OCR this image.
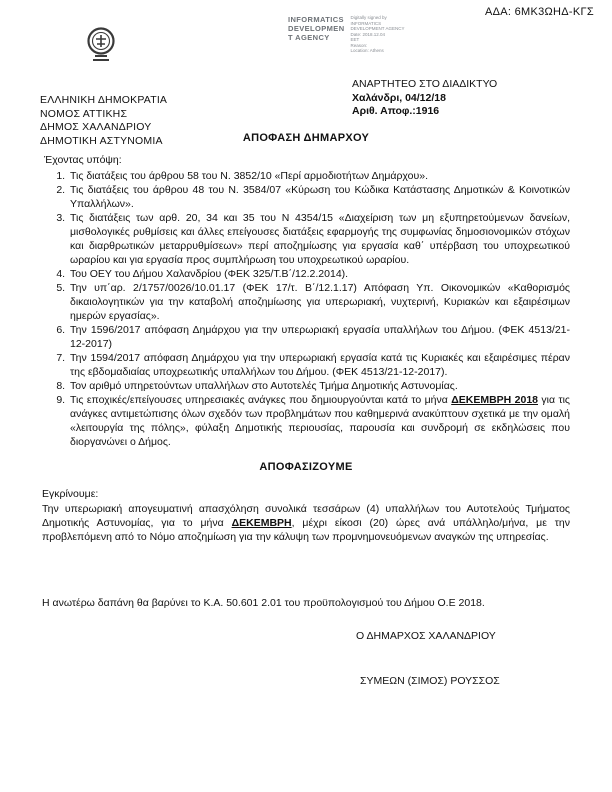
ΑΔΑ: 6ΜΚ3ΩΗΔ-ΚΓΣ
INFORMATICS
DEVELOPMEN
T AGENCY
Digitally signed by
INFORMATICS
DEVELOPMENT AGENCY
Date: 2018.12.04
EET
Reason:
Location: Athens
ΕΛΛΗΝΙΚΗ ΔΗΜΟΚΡΑΤΙΑ
ΝΟΜΟΣ ΑΤΤΙΚΗΣ
ΔΗΜΟΣ ΧΑΛΑΝΔΡΙΟΥ
ΔΗΜΟΤΙΚΗ ΑΣΤΥΝΟΜΙΑ
ΑΝΑΡΤΗΤΕΟ ΣΤΟ ΔΙΑΔΙΚΤΥΟ
Χαλάνδρι, 04/12/18
Αριθ. Αποφ.:1916
ΑΠΟΦΑΣΗ ΔΗΜΑΡΧΟΥ
Έχοντας υπόψη:
1. Τις διατάξεις του άρθρου 58 του Ν. 3852/10 «Περί αρμοδιοτήτων Δημάρχου».
2. Τις διατάξεις του άρθρου 48 του Ν. 3584/07 «Κύρωση του Κώδικα Κατάστασης Δημοτικών & Κοινοτικών Υπαλλήλων».
3. Τις διατάξεις των αρθ. 20, 34 και 35 του Ν 4354/15 «Διαχείριση των μη εξυπηρετούμενων δανείων, μισθολογικές ρυθμίσεις και άλλες επείγουσες διατάξεις εφαρμογής της συμφωνίας δημοσιονομικών στόχων και διαρθρωτικών μεταρρυθμίσεων» περί αποζημίωσης για εργασία καθ΄ υπέρβαση του υποχρεωτικού ωραρίου και για εργασία προς συμπλήρωση του υποχρεωτικού ωραρίου.
4. Του ΟΕΥ του Δήμου Χαλανδρίου (ΦΕΚ 325/Τ.Β΄/12.2.2014).
5. Την υπ΄αρ. 2/1757/0026/10.01.17 (ΦΕΚ 17/τ. Β΄/12.1.17) Απόφαση Υπ. Οικονομικών «Καθορισμός δικαιολογητικών για την καταβολή αποζημίωσης για υπερωριακή, νυχτερινή, Κυριακών και εξαιρέσιμων ημερών εργασίας».
6. Την 1596/2017 απόφαση Δημάρχου για την υπερωριακή εργασία υπαλλήλων του Δήμου. (ΦΕΚ 4513/21-12-2017)
7. Την 1594/2017 απόφαση Δημάρχου για την υπερωριακή εργασία κατά τις Κυριακές και εξαιρέσιμες πέραν της εβδομαδιαίας υποχρεωτικής υπαλλήλων του Δήμου. (ΦΕΚ 4513/21-12-2017).
8. Τον αριθμό υπηρετούντων υπαλλήλων στο Αυτοτελές Τμήμα Δημοτικής Αστυνομίας.
9. Τις εποχικές/επείγουσες υπηρεσιακές ανάγκες που δημιουργούνται κατά το μήνα ΔΕΚΕΜΒΡΗ 2018 για τις ανάγκες αντιμετώπισης όλων σχεδόν των προβλημάτων που καθημερινά ανακύπτουν σχετικά με την ομαλή «λειτουργία της πόλης», φύλαξη Δημοτικής περιουσίας, παρουσία και συνδρομή σε εκδηλώσεις που διοργανώνει ο Δήμος.
ΑΠΟΦΑΣΙΖΟΥΜΕ
Εγκρίνουμε:

Την υπερωριακή απογευματινή απασχόληση συνολικά τεσσάρων (4) υπαλλήλων του Αυτοτελούς Τμήματος Δημοτικής Αστυνομίας, για το μήνα ΔΕΚΕΜΒΡΗ, μέχρι είκοσι (20) ώρες ανά υπάλληλο/μήνα, με την προβλεπόμενη από το Νόμο αποζημίωση για την κάλυψη των προμνημονευόμενων αναγκών της υπηρεσίας.

Η ανωτέρω δαπάνη θα βαρύνει το Κ.Α. 50.601 2.01 του προϋπολογισμού του Δήμου Ο.Ε 2018.
Ο ΔΗΜΑΡΧΟΣ ΧΑΛΑΝΔΡΙΟΥ
ΣΥΜΕΩΝ (ΣΙΜΟΣ) ΡΟΥΣΣΟΣ
